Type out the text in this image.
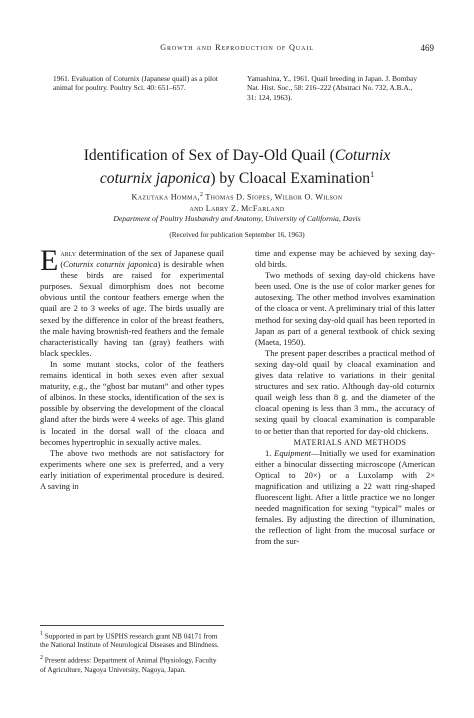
Growth and Reproduction of Quail	469
1961. Evaluation of Coturnix (Japanese quail) as a pilot animal for poultry. Poultry Sci. 40: 651–657.
Yamashina, Y., 1961. Quail breeding in Japan. J. Bombay Nat. Hist. Soc., 58: 216–222 (Abstract No. 732, A.B.A., 31: 124, 1963).
Identification of Sex of Day-Old Quail (Coturnix
coturnix japonica) by Cloacal Examination$^1$
Kazutaka Homma,$^2$ Thomas D. Siopes, Wilbor O. Wilson
and Larry Z. McFarland
Department of Poultry Husbandry and Anatomy, University of California, Davis
(Received for publication September 16, 1963)

Early determination of the sex of Japanese quail (Coturnix coturnix japonica) is desirable when these birds are raised for experimental purposes. Sexual dimorphism does not become obvious until the contour feathers emerge when the quail are 2 to 3 weeks of age. The birds usually are sexed by the difference in color of the breast feathers, the male having brownish-red feathers and the female characteristically having tan (gray) feathers with black speckles.

In some mutant stocks, color of the feathers remains identical in both sexes even after sexual maturity, e.g., the “ghost bar mutant” and other types of albinos. In these stocks, identification of the sex is possible by observing the development of the cloacal gland after the birds were 4 weeks of age. This gland is located in the dorsal wall of the cloaca and becomes hypertrophic in sexually active males.

The above two methods are not satisfactory for experiments where one sex is preferred, and a very early initiation of experimental procedure is desired. A saving in

time and expense may be achieved by sexing day-old birds.

Two methods of sexing day-old chickens have been used. One is the use of color marker genes for autosexing. The other method involves examination of the cloaca or vent. A preliminary trial of this latter method for sexing day-old quail has been reported in Japan as part of a general textbook of chick sexing (Maeta, 1950).

The present paper describes a practical method of sexing day-old quail by cloacal examination and gives data relative to variations in their genital structures and sex ratio. Although day-old coturnix quail weigh less than 8 g. and the diameter of the cloacal opening is less than 3 mm., the accuracy of sexing quail by cloacal examination is comparable to or better than that reported for day-old chickens.

MATERIALS AND METHODS

1. Equipment—Initially we used for examination either a binocular dissecting microscope (American Optical to 20×) or a Luxolamp with 2× magnification and utilizing a 22 watt ring-shaped fluorescent light. After a little practice we no longer needed magnification for sexing “typical” males or females. By adjusting the direction of illumination, the reflection of light from the mucosal surface or from the sur-

$^1$ Supported in part by USPHS research grant NB 04171 from the National Institute of Neurological Diseases and Blindness.

$^2$ Present address: Department of Animal Physiology, Faculty of Agriculture, Nagoya University, Nagoya, Japan.
